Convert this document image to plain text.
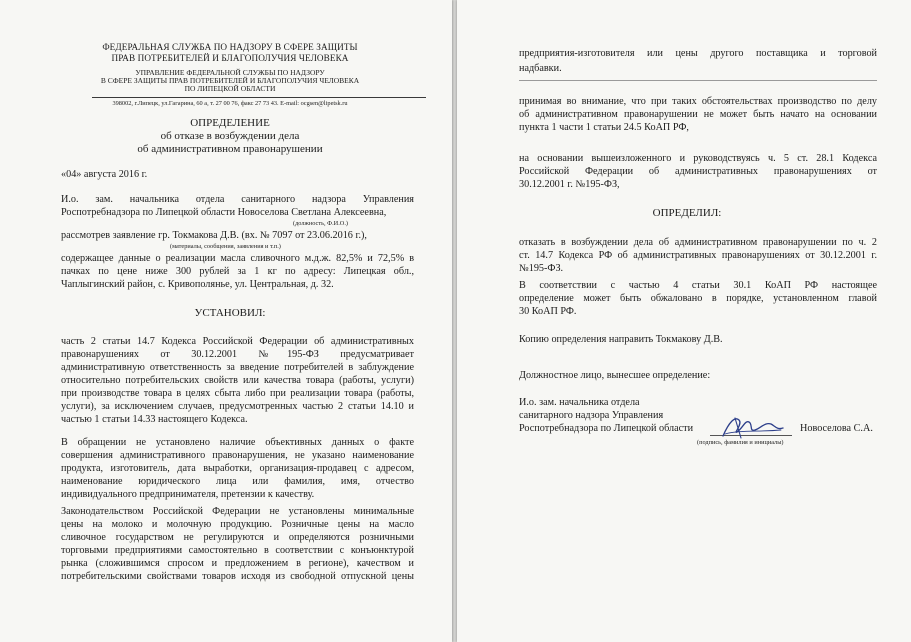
ФЕДЕРАЛЬНАЯ СЛУЖБА ПО НАДЗОРУ В СФЕРЕ ЗАЩИТЫ

ПРАВ ПОТРЕБИТЕЛЕЙ И БЛАГОПОЛУЧИЯ ЧЕЛОВЕКА

УПРАВЛЕНИЕ ФЕДЕРАЛЬНОЙ СЛУЖБЫ ПО НАДЗОРУ

В СФЕРЕ ЗАЩИТЫ ПРАВ ПОТРЕБИТЕЛЕЙ И БЛАГОПОЛУЧИЯ ЧЕЛОВЕКА

ПО ЛИПЕЦКОЙ ОБЛАСТИ

398002, г.Липецк, ул.Гагарина, 60 а, т. 27 00 76, факс 27 73 43. E-mail: ocgsen@lipetsk.ru

ОПРЕДЕЛЕНИЕ

об отказе в возбуждении дела

об административном правонарушении

«04» августа 2016 г.

И.о. зам. начальника отдела санитарного надзора Управления

Роспотребнадзора по Липецкой области Новоселова Светлана Алексеевна,

(должность, Ф.И.О.)

рассмотрев заявление гр. Токмакова Д.В. (вх. № 7097 от 23.06.2016 г.),

(материалы, сообщения, заявления и т.п.)

содержащее данные о реализации масла сливочного м.д.ж. 82,5% и 72,5% в

пачках по цене ниже 300 рублей за 1 кг по адресу: Липецкая обл.,

Чаплыгинский район, с. Кривополянье, ул. Центральная, д. 32.

УСТАНОВИЛ:

часть 2 статьи 14.7 Кодекса Российской Федерации об административных

правонарушениях от 30.12.2001 №195-ФЗ предусматривает

административную ответственность за введение потребителей в заблуждение

относительно потребительских свойств или качества товара (работы, услуги)

при производстве товара в целях сбыта либо при реализации товара (работы,

услуги), за исключением случаев, предусмотренных частью 2 статьи 14.10 и

частью 1 статьи 14.33 настоящего Кодекса.

В обращении не установлено наличие объективных данных о факте

совершения административного правонарушения, не указано наименование

продукта, изготовитель, дата выработки, организация-продавец с адресом,

наименование юридического лица или фамилия, имя, отчество

индивидуального предпринимателя, претензии к качеству.

Законодательством Российской Федерации не установлены минимальные

цены на молоко и молочную продукцию. Розничные цены на масло

сливочное государством не регулируются и определяются розничными

торговыми предприятиями самостоятельно в соответствии с конъюнктурой

рынка (сложившимся спросом и предложением в регионе), качеством и

потребительскими свойствами товаров исходя из свободной отпускной цены

предприятия-изготовителя или цены другого поставщика и торговой

надбавки.

принимая во внимание, что при таких обстоятельствах производство по делу

об административном правонарушении не может быть начато на основании

пункта 1 части 1 статьи 24.5 КоАП РФ,

на основании вышеизложенного и руководствуясь ч. 5 ст. 28.1 Кодекса

Российской Федерации об административных правонарушениях от

30.12.2001 г. №195-ФЗ,

ОПРЕДЕЛИЛ:

отказать в возбуждении дела об административном правонарушении по ч. 2

ст. 14.7 Кодекса РФ об административных правонарушениях от 30.12.2001 г.

№195-ФЗ.

В соответствии с частью 4 статьи 30.1 КоАП РФ настоящее

определение может быть обжаловано в порядке, установленном главой

30 КоАП РФ.

Копию определения направить Токмакову Д.В.

Должностное лицо, вынесшее определение:

И.о. зам. начальника отдела

санитарного надзора Управления

Роспотребнадзора по Липецкой области	Новоселова С.А.

(подпись, фамилия и инициалы)
